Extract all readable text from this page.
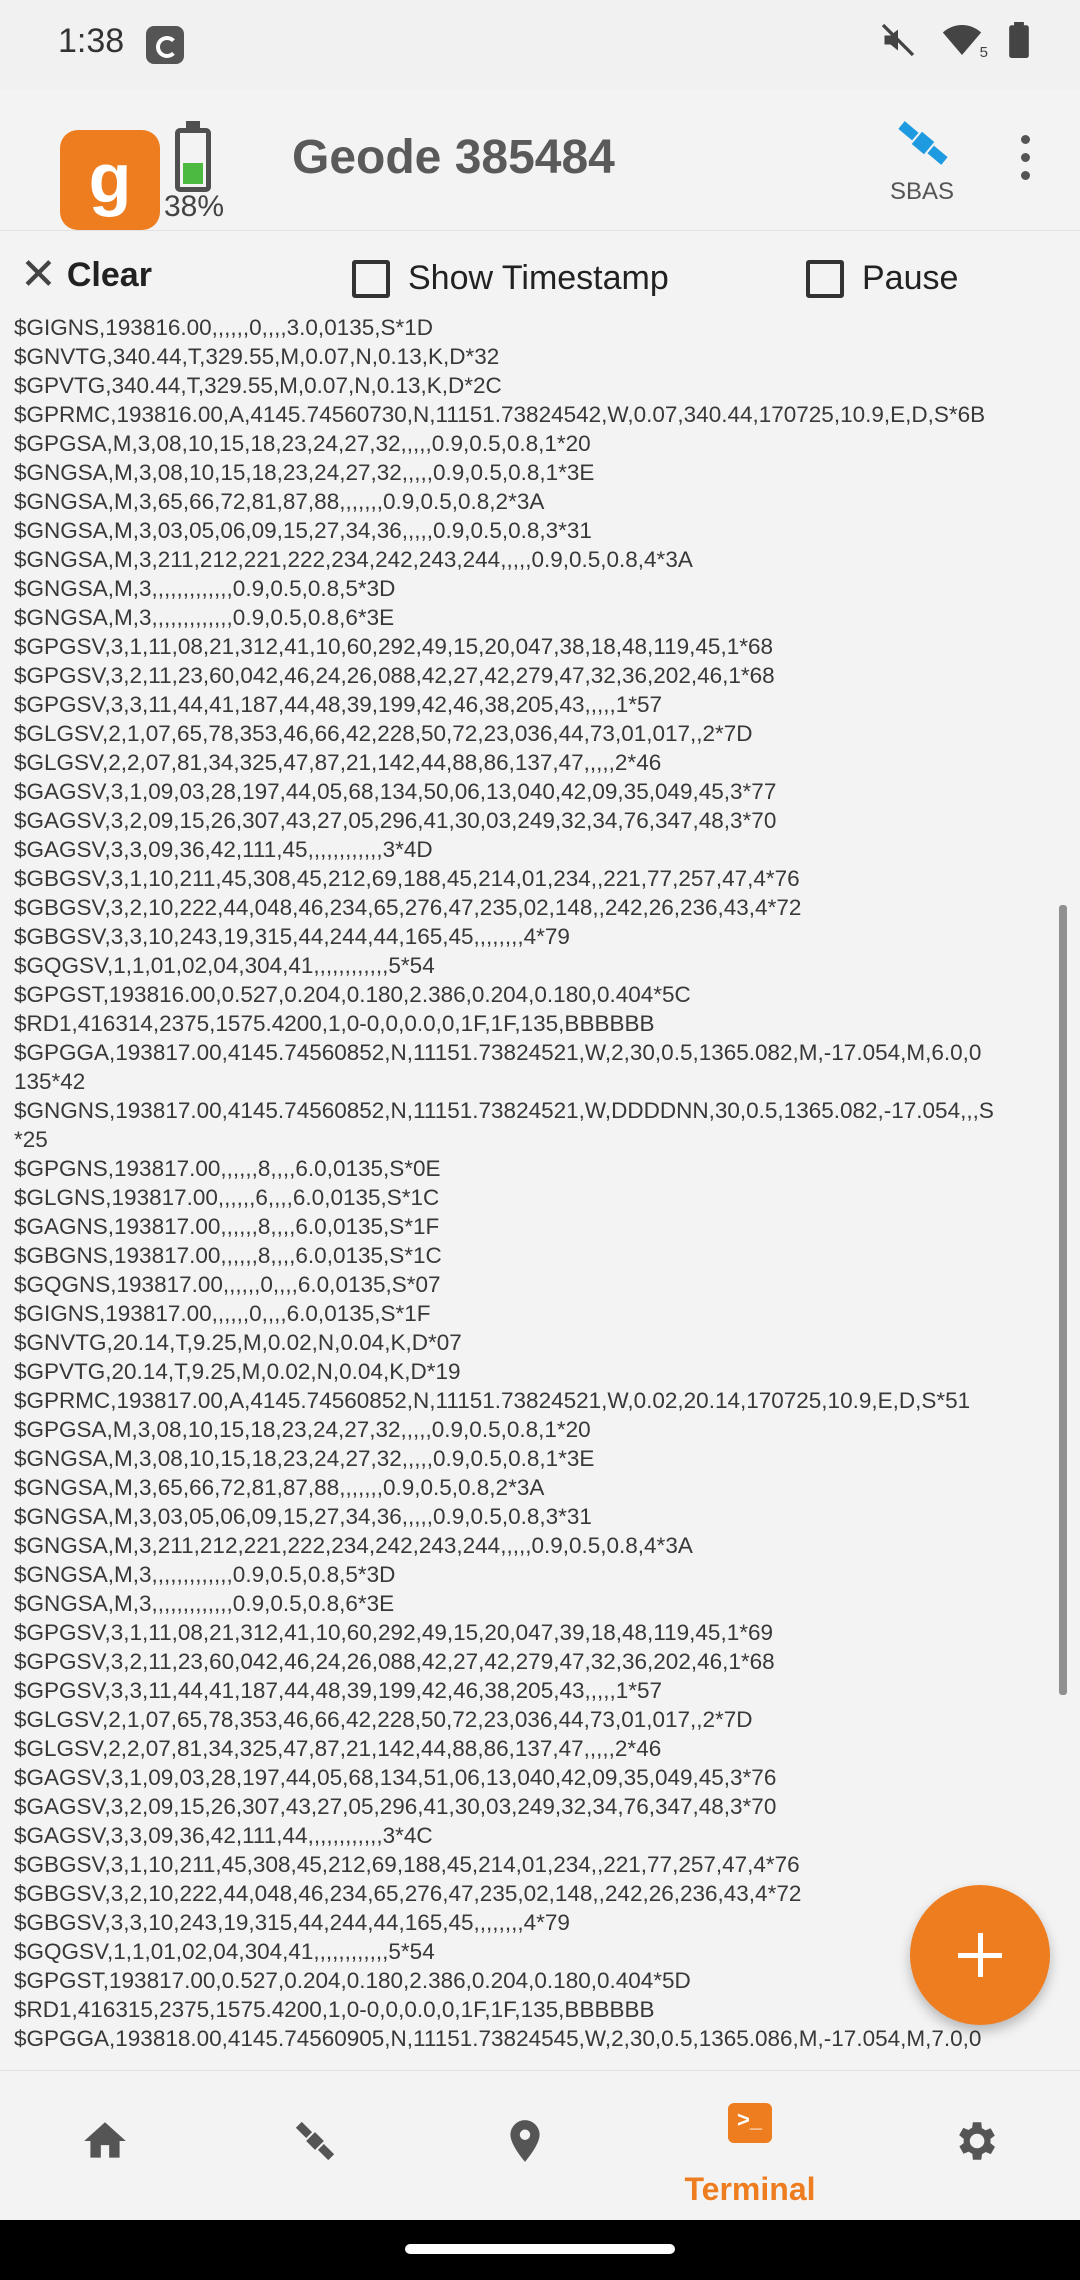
1:38	5
g	38%
Geode 385484
SBAS
✕ Clear	Show Timestamp	Pause
$GIGNS,193816.00,,,,,,0,,,,3.0,0135,S*1D
$GNVTG,340.44,T,329.55,M,0.07,N,0.13,K,D*32
$GPVTG,340.44,T,329.55,M,0.07,N,0.13,K,D*2C
$GPRMC,193816.00,A,4145.74560730,N,11151.73824542,W,0.07,340.44,170725,10.9,E,D,S*6B
$GPGSA,M,3,08,10,15,18,23,24,27,32,,,,,0.9,0.5,0.8,1*20
$GNGSA,M,3,08,10,15,18,23,24,27,32,,,,,0.9,0.5,0.8,1*3E
$GNGSA,M,3,65,66,72,81,87,88,,,,,,,0.9,0.5,0.8,2*3A
$GNGSA,M,3,03,05,06,09,15,27,34,36,,,,,0.9,0.5,0.8,3*31
$GNGSA,M,3,211,212,221,222,234,242,243,244,,,,,0.9,0.5,0.8,4*3A
$GNGSA,M,3,,,,,,,,,,,,,0.9,0.5,0.8,5*3D
$GNGSA,M,3,,,,,,,,,,,,,0.9,0.5,0.8,6*3E
$GPGSV,3,1,11,08,21,312,41,10,60,292,49,15,20,047,38,18,48,119,45,1*68
$GPGSV,3,2,11,23,60,042,46,24,26,088,42,27,42,279,47,32,36,202,46,1*68
$GPGSV,3,3,11,44,41,187,44,48,39,199,42,46,38,205,43,,,,,1*57
$GLGSV,2,1,07,65,78,353,46,66,42,228,50,72,23,036,44,73,01,017,,2*7D
$GLGSV,2,2,07,81,34,325,47,87,21,142,44,88,86,137,47,,,,,2*46
$GAGSV,3,1,09,03,28,197,44,05,68,134,50,06,13,040,42,09,35,049,45,3*77
$GAGSV,3,2,09,15,26,307,43,27,05,296,41,30,03,249,32,34,76,347,48,3*70
$GAGSV,3,3,09,36,42,111,45,,,,,,,,,,,,3*4D
$GBGSV,3,1,10,211,45,308,45,212,69,188,45,214,01,234,,221,77,257,47,4*76
$GBGSV,3,2,10,222,44,048,46,234,65,276,47,235,02,148,,242,26,236,43,4*72
$GBGSV,3,3,10,243,19,315,44,244,44,165,45,,,,,,,,4*79
$GQGSV,1,1,01,02,04,304,41,,,,,,,,,,,,5*54
$GPGST,193816.00,0.527,0.204,0.180,2.386,0.204,0.180,0.404*5C
$RD1,416314,2375,1575.4200,1,0-0,0,0.0,0,1F,1F,135,BBBBBB
$GPGGA,193817.00,4145.74560852,N,11151.73824521,W,2,30,0.5,1365.082,M,-17.054,M,6.0,0
135*42
$GNGNS,193817.00,4145.74560852,N,11151.73824521,W,DDDDNN,30,0.5,1365.082,-17.054,,,S
*25
$GPGNS,193817.00,,,,,,8,,,,6.0,0135,S*0E
$GLGNS,193817.00,,,,,,6,,,,6.0,0135,S*1C
$GAGNS,193817.00,,,,,,8,,,,6.0,0135,S*1F
$GBGNS,193817.00,,,,,,8,,,,6.0,0135,S*1C
$GQGNS,193817.00,,,,,,0,,,,6.0,0135,S*07
$GIGNS,193817.00,,,,,,0,,,,6.0,0135,S*1F
$GNVTG,20.14,T,9.25,M,0.02,N,0.04,K,D*07
$GPVTG,20.14,T,9.25,M,0.02,N,0.04,K,D*19
$GPRMC,193817.00,A,4145.74560852,N,11151.73824521,W,0.02,20.14,170725,10.9,E,D,S*51
$GPGSA,M,3,08,10,15,18,23,24,27,32,,,,,0.9,0.5,0.8,1*20
$GNGSA,M,3,08,10,15,18,23,24,27,32,,,,,0.9,0.5,0.8,1*3E
$GNGSA,M,3,65,66,72,81,87,88,,,,,,,0.9,0.5,0.8,2*3A
$GNGSA,M,3,03,05,06,09,15,27,34,36,,,,,0.9,0.5,0.8,3*31
$GNGSA,M,3,211,212,221,222,234,242,243,244,,,,,0.9,0.5,0.8,4*3A
$GNGSA,M,3,,,,,,,,,,,,,0.9,0.5,0.8,5*3D
$GNGSA,M,3,,,,,,,,,,,,,0.9,0.5,0.8,6*3E
$GPGSV,3,1,11,08,21,312,41,10,60,292,49,15,20,047,39,18,48,119,45,1*69
$GPGSV,3,2,11,23,60,042,46,24,26,088,42,27,42,279,47,32,36,202,46,1*68
$GPGSV,3,3,11,44,41,187,44,48,39,199,42,46,38,205,43,,,,,1*57
$GLGSV,2,1,07,65,78,353,46,66,42,228,50,72,23,036,44,73,01,017,,2*7D
$GLGSV,2,2,07,81,34,325,47,87,21,142,44,88,86,137,47,,,,,2*46
$GAGSV,3,1,09,03,28,197,44,05,68,134,51,06,13,040,42,09,35,049,45,3*76
$GAGSV,3,2,09,15,26,307,43,27,05,296,41,30,03,249,32,34,76,347,48,3*70
$GAGSV,3,3,09,36,42,111,44,,,,,,,,,,,,3*4C
$GBGSV,3,1,10,211,45,308,45,212,69,188,45,214,01,234,,221,77,257,47,4*76
$GBGSV,3,2,10,222,44,048,46,234,65,276,47,235,02,148,,242,26,236,43,4*72
$GBGSV,3,3,10,243,19,315,44,244,44,165,45,,,,,,,,4*79
$GQGSV,1,1,01,02,04,304,41,,,,,,,,,,,,5*54
$GPGST,193817.00,0.527,0.204,0.180,2.386,0.204,0.180,0.404*5D
$RD1,416315,2375,1575.4200,1,0-0,0,0.0,0,1F,1F,135,BBBBBB
$GPGGA,193818.00,4145.74560905,N,11151.73824545,W,2,30,0.5,1365.086,M,-17.054,M,7.0,0
>_
Terminal
